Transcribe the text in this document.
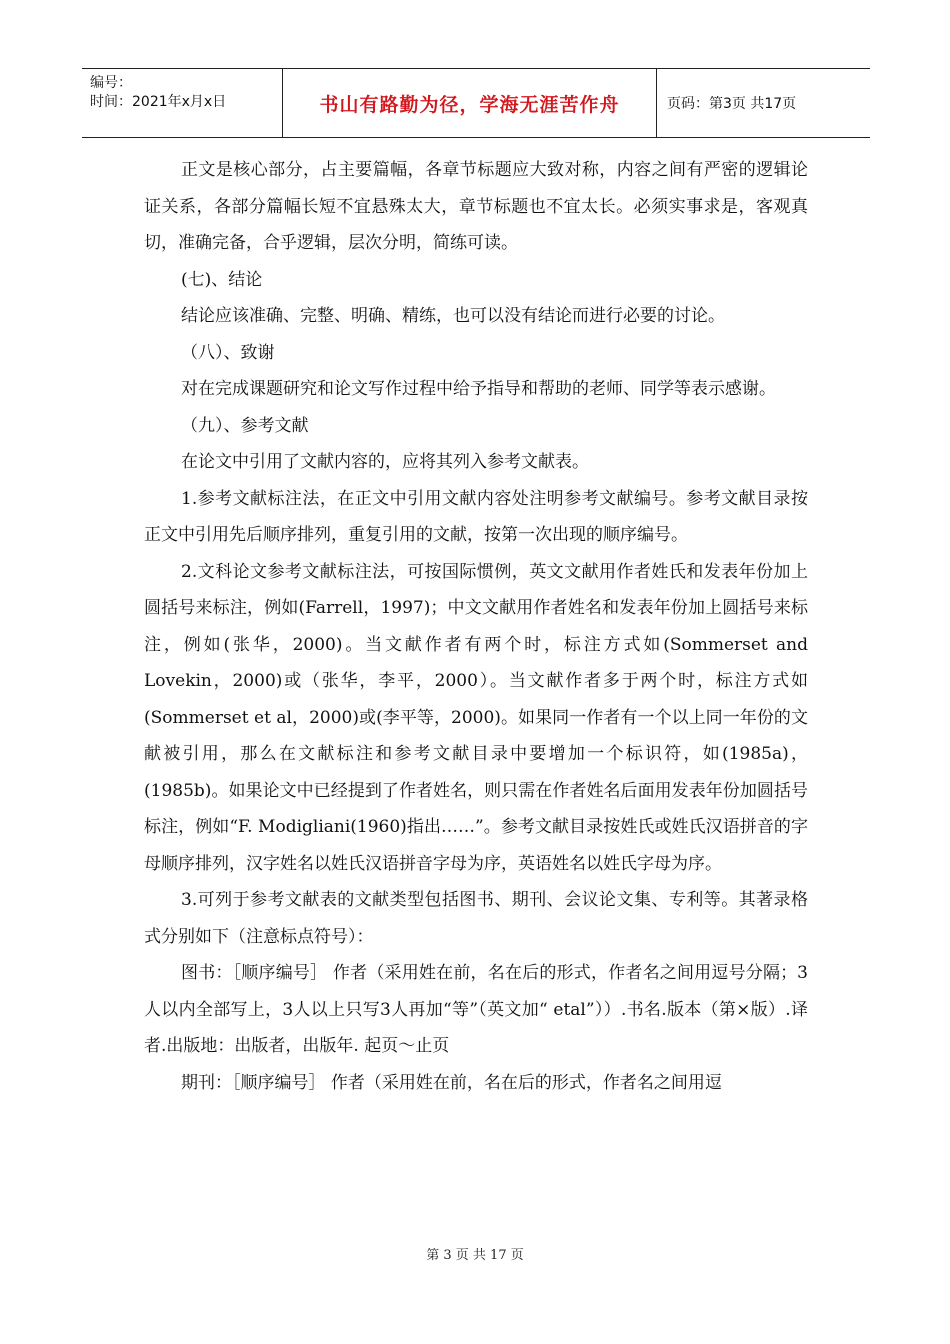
编号：
时间：2021年x月x日	书山有路勤为径，学海无涯苦作舟	页码：第3页 共17页

正文是核心部分，占主要篇幅，各章节标题应大致对称，内容之间有严密的逻辑论证关系，各部分篇幅长短不宜悬殊太大，章节标题也不宜太长。必须实事求是，客观真切，准确完备，合乎逻辑，层次分明，简练可读。

(七)、结论

结论应该准确、完整、明确、精练，也可以没有结论而进行必要的讨论。

（八）、致谢

对在完成课题研究和论文写作过程中给予指导和帮助的老师、同学等表示感谢。

（九）、参考文献

在论文中引用了文献内容的，应将其列入参考文献表。

1.参考文献标注法，在正文中引用文献内容处注明参考文献编号。参考文献目录按正文中引用先后顺序排列，重复引用的文献，按第一次出现的顺序编号。

2.文科论文参考文献标注法，可按国际惯例，英文文献用作者姓氏和发表年份加上圆括号来标注，例如(Farrell，1997)；中文文献用作者姓名和发表年份加上圆括号来标注，例如(张华，2000)。当文献作者有两个时，标注方式如(Sommerset and Lovekin，2000)或（张华，李平，2000）。当文献作者多于两个时，标注方式如(Sommerset et al，2000)或(李平等，2000)。如果同一作者有一个以上同一年份的文献被引用，那么在文献标注和参考文献目录中要增加一个标识符，如(1985a)，(1985b)。如果论文中已经提到了作者姓名，则只需在作者姓名后面用发表年份加圆括号标注，例如“F. Modigliani(1960)指出……”。参考文献目录按姓氏或姓氏汉语拼音的字母顺序排列，汉字姓名以姓氏汉语拼音字母为序，英语姓名以姓氏字母为序。

3.可列于参考文献表的文献类型包括图书、期刊、会议论文集、专利等。其著录格式分别如下（注意标点符号）：

图书：［顺序编号］ 作者（采用姓在前，名在后的形式，作者名之间用逗号分隔；3人以内全部写上，3人以上只写3人再加“等”（英文加“ etal”））.书名.版本（第×版）.译者.出版地：出版者，出版年. 起页～止页

期刊：［顺序编号］ 作者（采用姓在前，名在后的形式，作者名之间用逗

第 3 页 共 17 页
